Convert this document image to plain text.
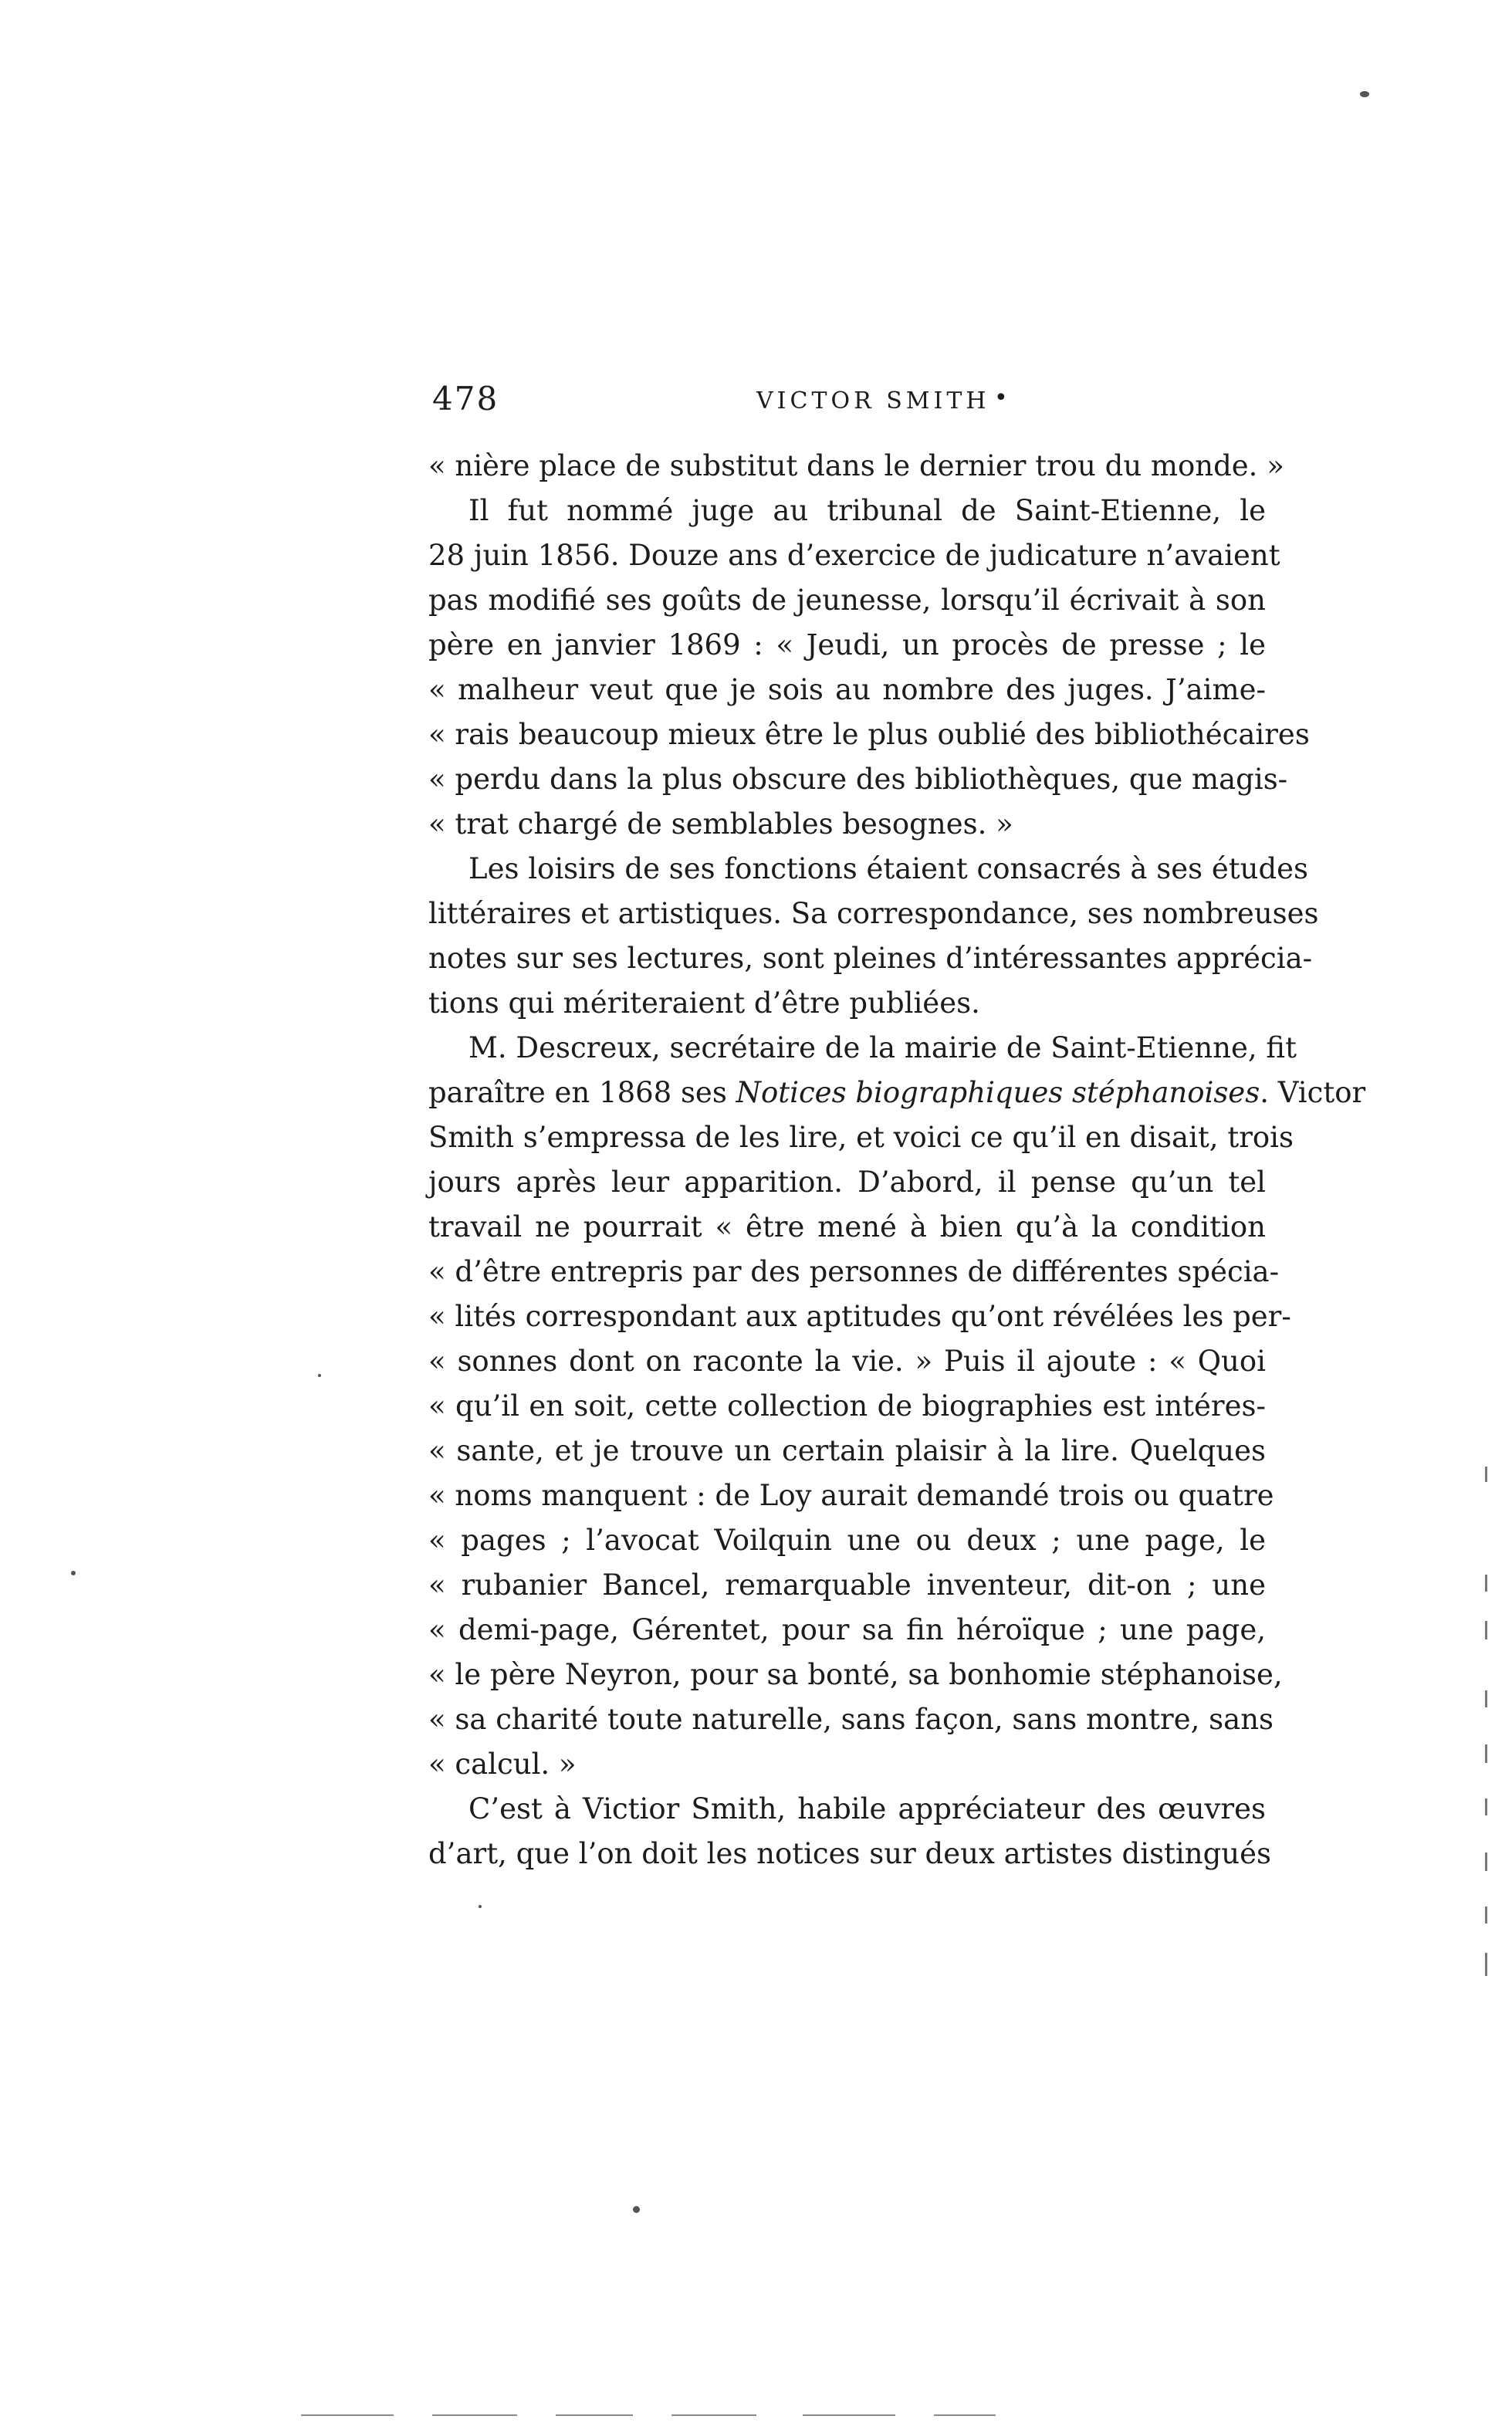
478	VICTOR SMITH •
« nière place de substitut dans le dernier trou du monde. »
Il fut nommé juge au tribunal de Saint-Etienne, le
28 juin 1856. Douze ans d’exercice de judicature n’avaient
pas modifié ses goûts de jeunesse, lorsqu’il écrivait à son
père en janvier 1869 : « Jeudi, un procès de presse ; le
« malheur veut que je sois au nombre des juges. J’aime-
« rais beaucoup mieux être le plus oublié des bibliothécaires
« perdu dans la plus obscure des bibliothèques, que magis-
« trat chargé de semblables besognes. »
Les loisirs de ses fonctions étaient consacrés à ses études
littéraires et artistiques. Sa correspondance, ses nombreuses
notes sur ses lectures, sont pleines d’intéressantes apprécia-
tions qui mériteraient d’être publiées.
M. Descreux, secrétaire de la mairie de Saint-Etienne, fit
paraître en 1868 ses Notices biographiques stéphanoises. Victor
Smith s’empressa de les lire, et voici ce qu’il en disait, trois
jours après leur apparition. D’abord, il pense qu’un tel
travail ne pourrait « être mené à bien qu’à la condition
« d’être entrepris par des personnes de différentes spécia-
« lités correspondant aux aptitudes qu’ont révélées les per-
« sonnes dont on raconte la vie. » Puis il ajoute : « Quoi
« qu’il en soit, cette collection de biographies est intéres-
« sante, et je trouve un certain plaisir à la lire. Quelques
« noms manquent : de Loy aurait demandé trois ou quatre
« pages ; l’avocat Voilquin une ou deux ; une page, le
« rubanier Bancel, remarquable inventeur, dit-on ; une
« demi-page, Gérentet, pour sa fin héroïque ; une page,
« le père Neyron, pour sa bonté, sa bonhomie stéphanoise,
« sa charité toute naturelle, sans façon, sans montre, sans
« calcul. »
C’est à Victior Smith, habile appréciateur des œuvres
d’art, que l’on doit les notices sur deux artistes distingués
